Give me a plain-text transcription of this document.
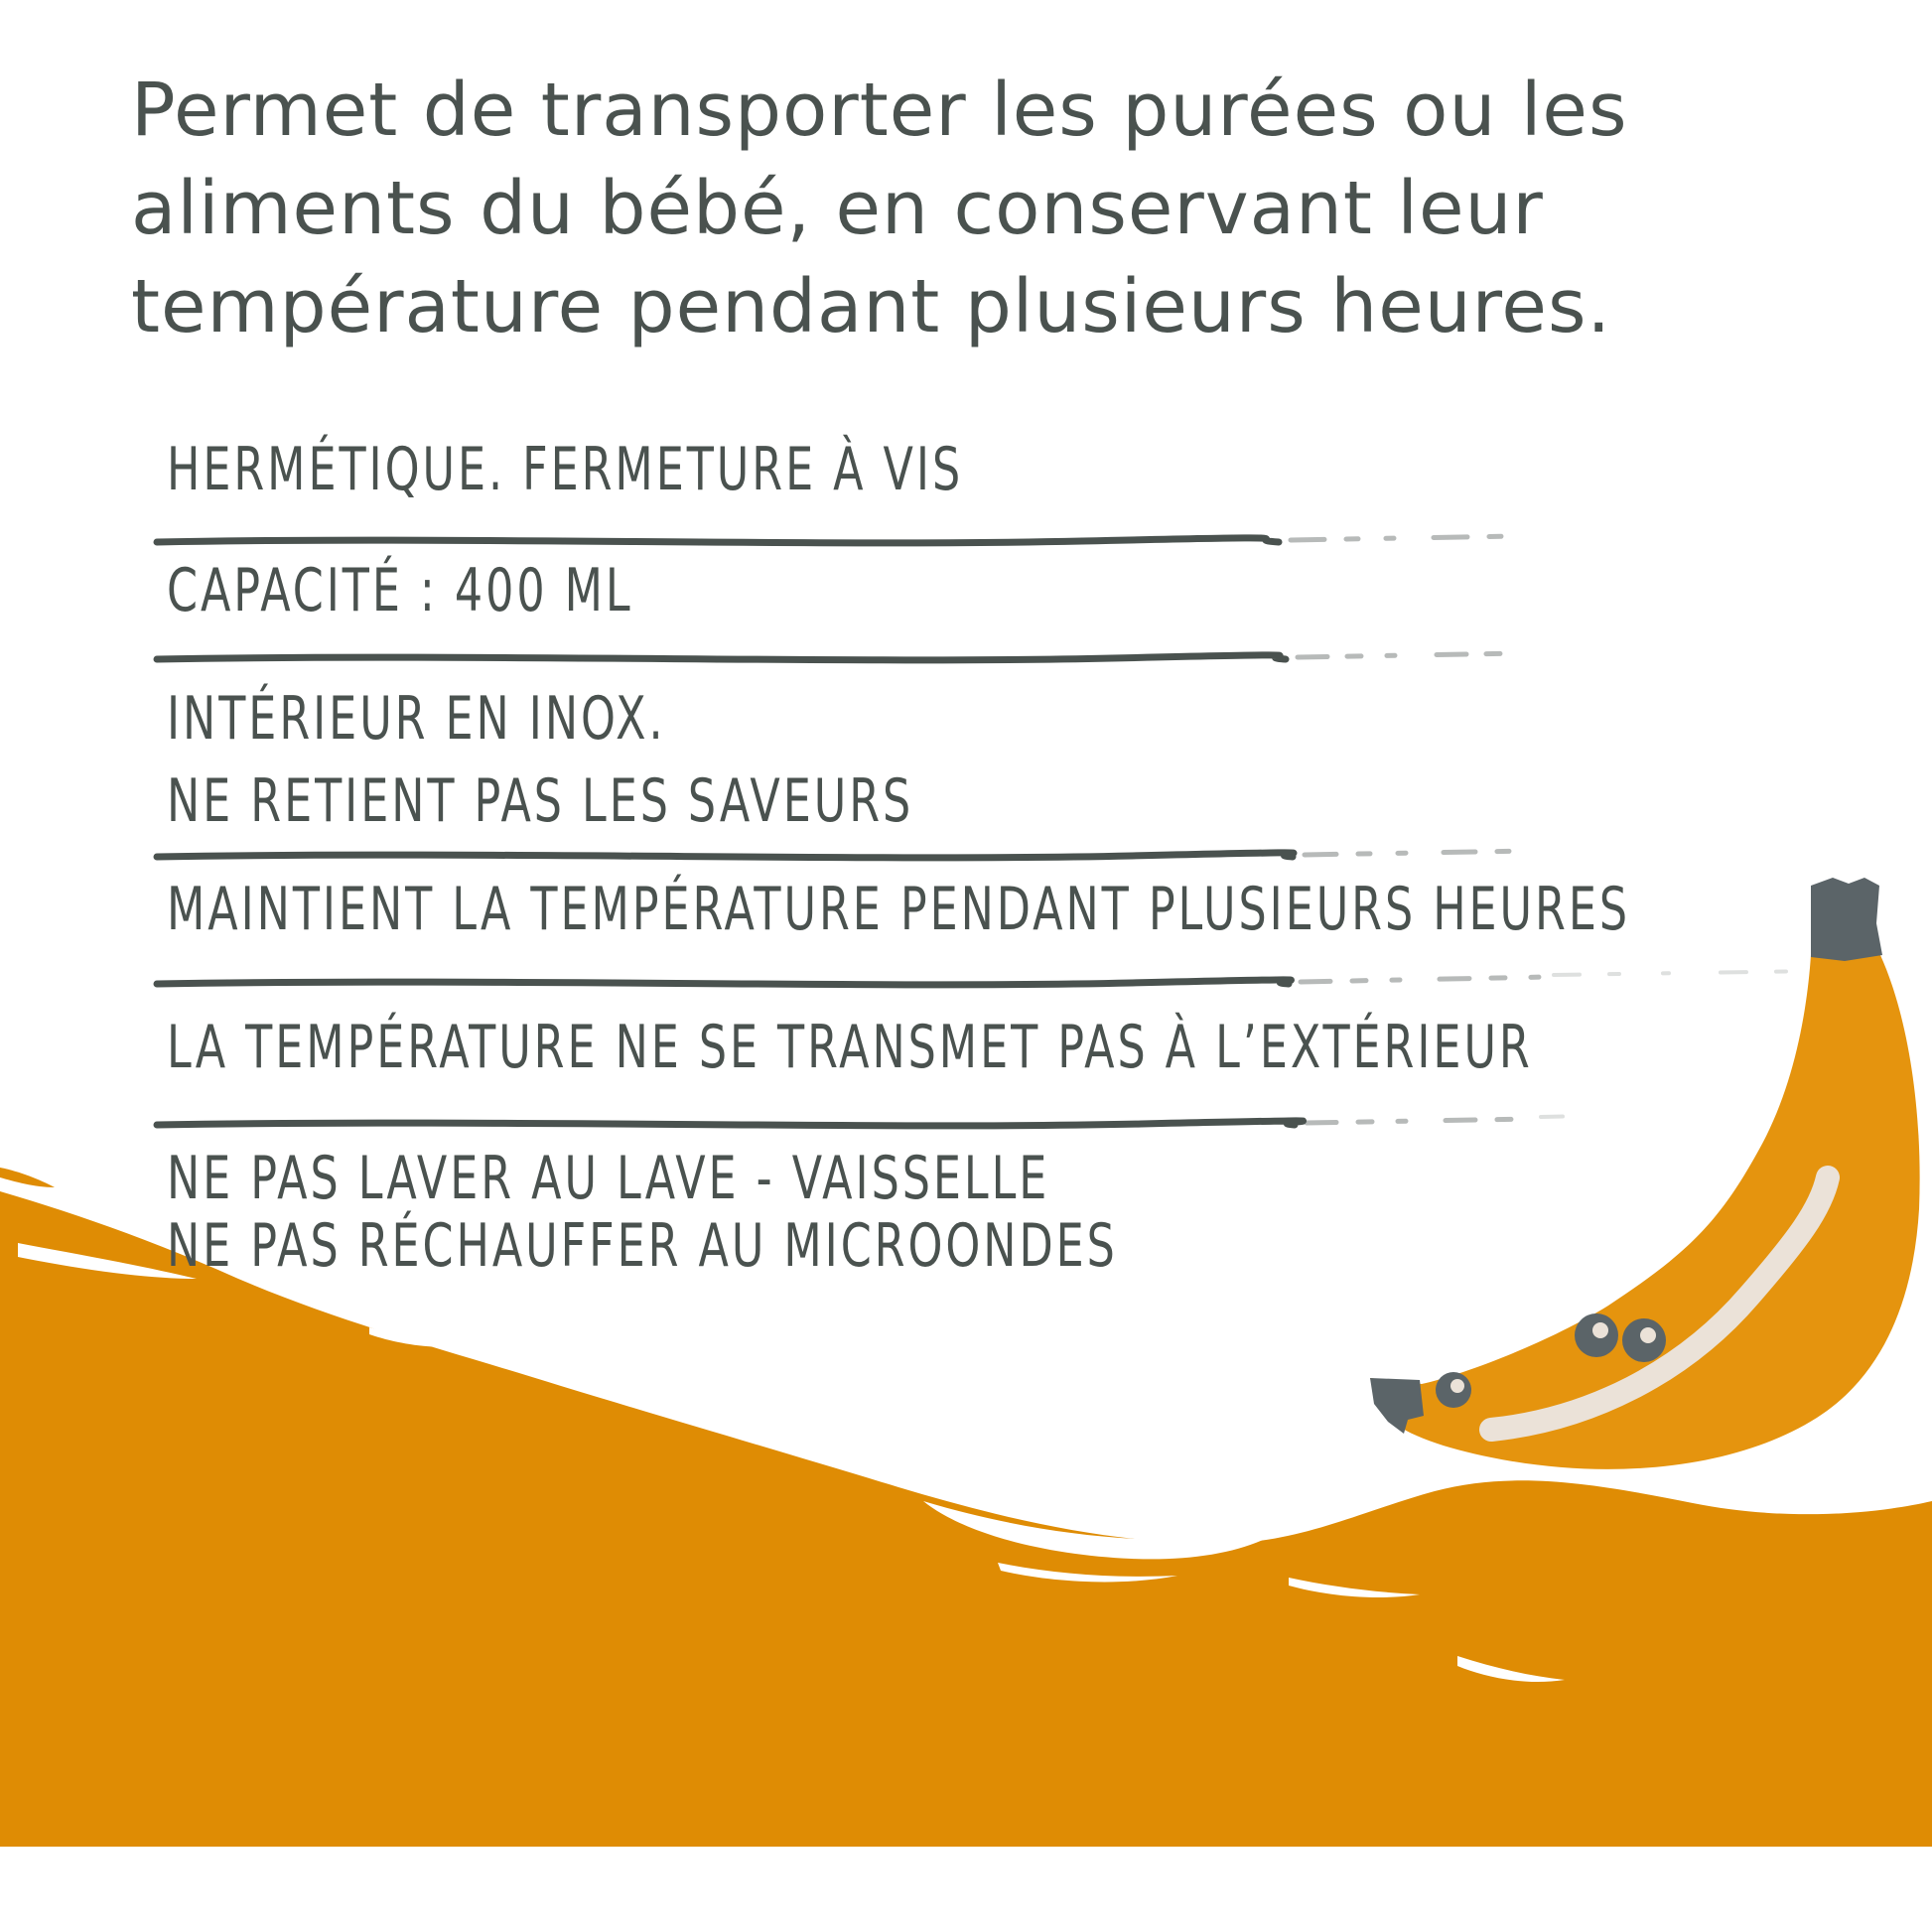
Permet de transporter les purées ou les
aliments du bébé, en conservant leur
température pendant plusieurs heures.
HERMÉTIQUE. FERMETURE À VIS
CAPACITÉ : 400 ML
INTÉRIEUR EN INOX.
NE RETIENT PAS LES SAVEURS
MAINTIENT LA TEMPÉRATURE PENDANT PLUSIEURS HEURES
LA TEMPÉRATURE NE SE TRANSMET PAS À L’EXTÉRIEUR
NE PAS LAVER AU LAVE - VAISSELLE
NE PAS RÉCHAUFFER AU MICROONDES
